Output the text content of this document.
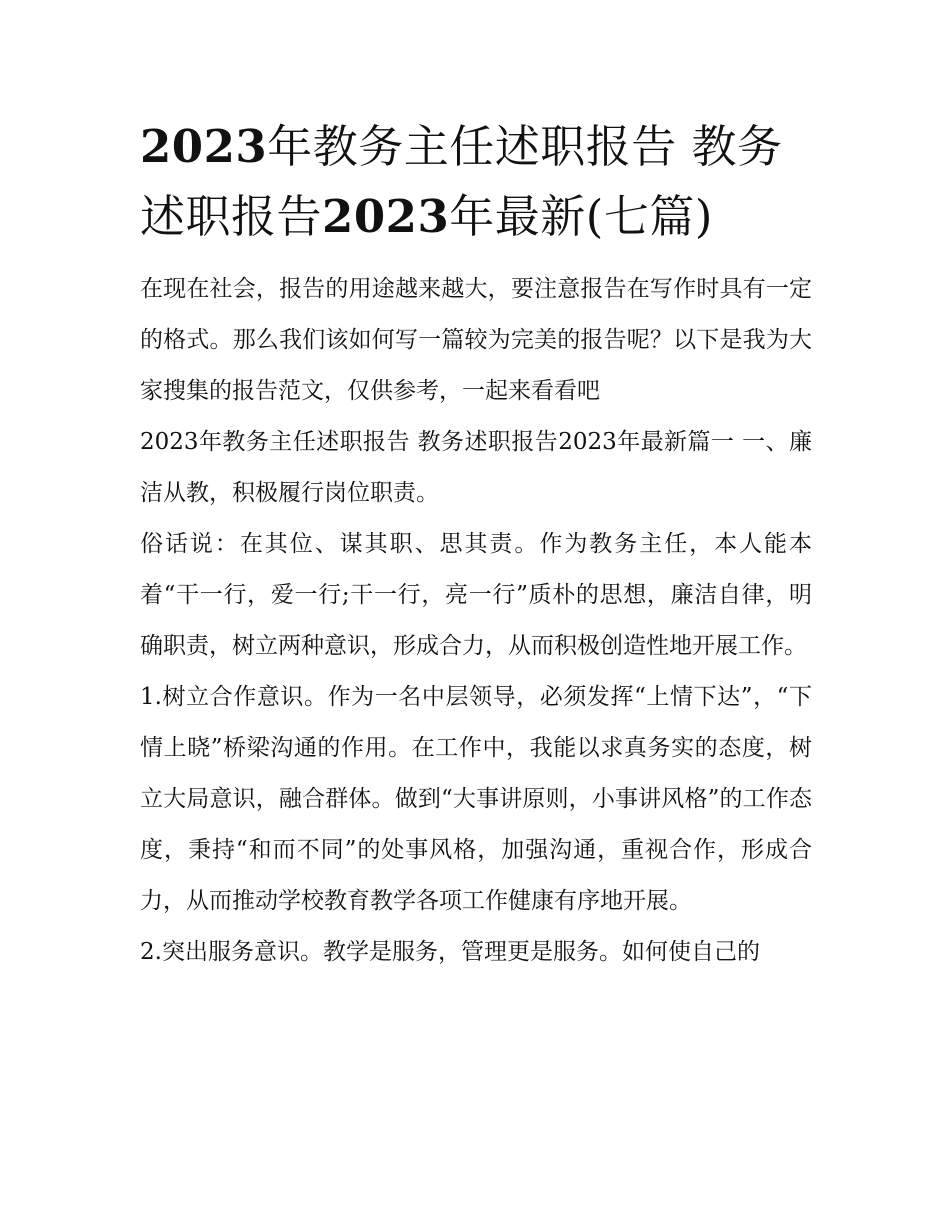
2023年教务主任述职报告 教务述职报告2023年最新(七篇)

在现在社会，报告的用途越来越大，要注意报告在写作时具有一定的格式。那么我们该如何写一篇较为完美的报告呢？以下是我为大家搜集的报告范文，仅供参考，一起来看看吧

2023年教务主任述职报告 教务述职报告2023年最新篇一 一、廉洁从教，积极履行岗位职责。

俗话说：在其位、谋其职、思其责。作为教务主任，本人能本着“干一行，爱一行;干一行，亮一行”质朴的思想，廉洁自律，明确职责，树立两种意识，形成合力，从而积极创造性地开展工作。

1.树立合作意识。作为一名中层领导，必须发挥“上情下达”，“下情上晓”桥梁沟通的作用。在工作中，我能以求真务实的态度，树立大局意识，融合群体。做到“大事讲原则，小事讲风格”的工作态度，秉持“和而不同”的处事风格，加强沟通，重视合作，形成合力，从而推动学校教育教学各项工作健康有序地开展。

2.突出服务意识。教学是服务，管理更是服务。如何使自己的
